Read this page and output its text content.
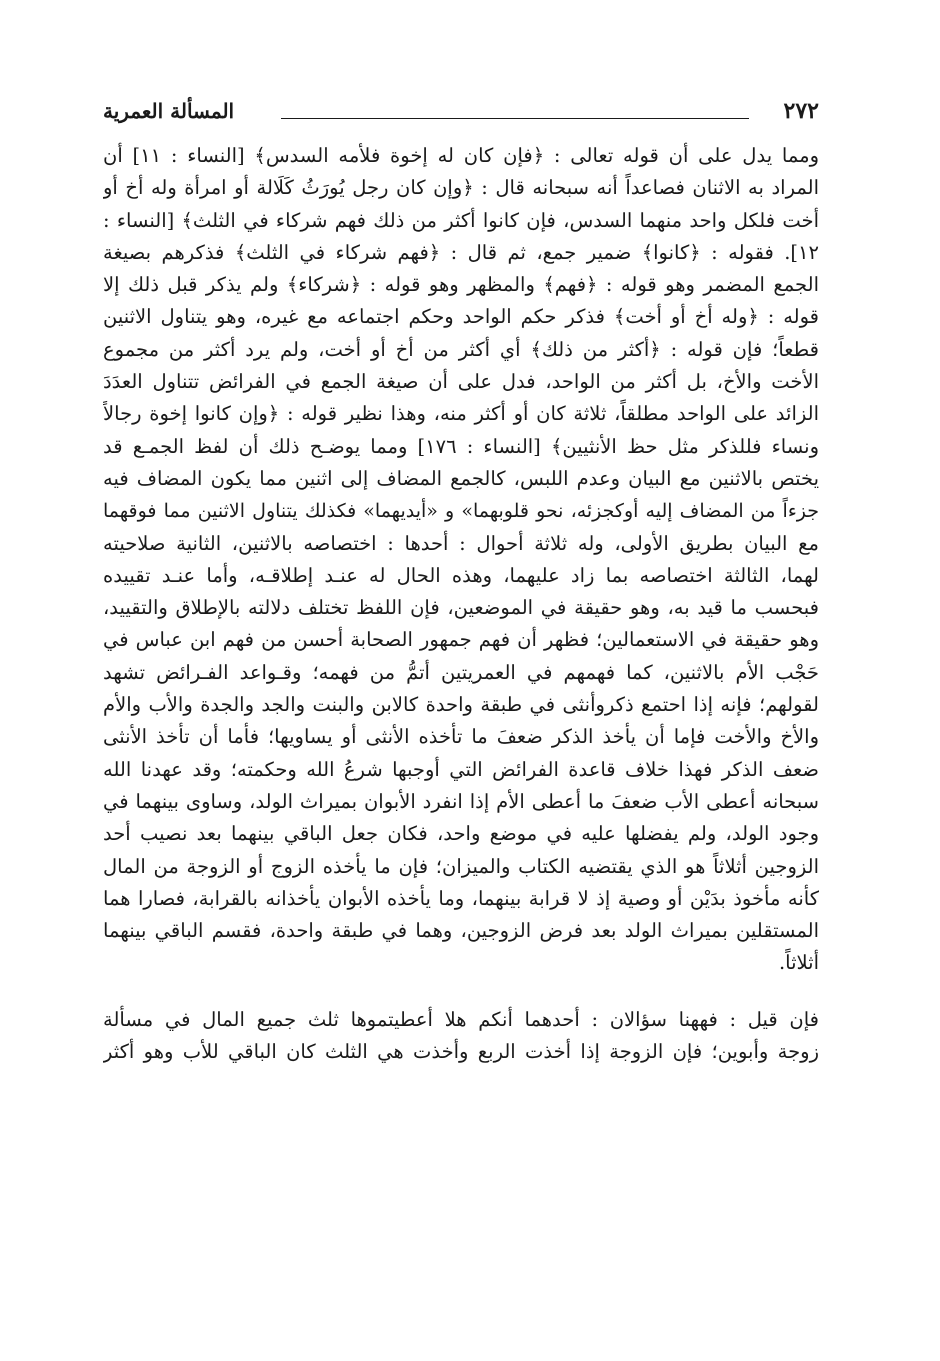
٢٧٢
المسألة العمرية
ومما يدل على أن قوله تعالى : ﴿فإن كان له إخوة فلأمه السدس﴾ [النساء : ١١] أن
المراد به الاثنان فصاعداً أنه سبحانه قال : ﴿وإن كان رجل يُورَثُ كَلَالة أو امرأة وله أخ أو
أخت فلكل واحد منهما السدس، فإن كانوا أكثر من ذلك فهم شركاء في الثلث﴾ [النساء :
١٢]. فقوله : ﴿كانوا﴾ ضمير جمع، ثم قال : ﴿فهم شركاء في الثلث﴾ فذكرهم بصيغة
الجمع المضمر وهو قوله : ﴿فهم﴾ والمظهر وهو قوله : ﴿شركاء﴾ ولم يذكر قبل ذلك إلا
قوله : ﴿وله أخ أو أخت﴾ فذكر حكم الواحد وحكم اجتماعه مع غيره، وهو يتناول الاثنين
قطعاً؛ فإن قوله : ﴿أكثر من ذلك﴾ أي أكثر من أخ أو أخت، ولم يرد أكثر من مجموع
الأخت والأخ، بل أكثر من الواحد، فدل على أن صيغة الجمع في الفرائض تتناول العدَدَ
الزائد على الواحد مطلقاً، ثلاثة كان أو أكثر منه، وهذا نظير قوله : ﴿وإن كانوا إخوة رجالاً
ونساء فللذكر مثل حظ الأنثيين﴾ [النساء : ١٧٦] ومما يوضـح ذلك أن لفظ الجمـع قد
يختص بالاثنين مع البيان وعدم اللبس، كالجمع المضاف إلى اثنين مما يكون المضاف فيه
جزءاً من المضاف إليه أوكجزئه، نحو قلوبهما» و «أيديهما» فكذلك يتناول الاثنين مما فوقهما
مع البيان بطريق الأولى، وله ثلاثة أحوال : أحدها : اختصاصه بالاثنين، الثانية صلاحيته
لهما، الثالثة اختصاصه بما زاد عليهما، وهذه الحال له عنـد إطلاقـه، وأما عنـد تقييده
فبحسب ما قيد به، وهو حقيقة في الموضعين، فإن اللفظ تختلف دلالته بالإطلاق والتقييد،
وهو حقيقة في الاستعمالين؛ فظهر أن فهم جمهور الصحابة أحسن من فهم ابن عباس في
حَجْب الأم بالاثنين، كما فهمهم في العمريتين أتمُّ من فهمه؛ وقـواعد الفـرائض تشهد
لقولهم؛ فإنه إذا احتمع ذكروأنثى في طبقة واحدة كالابن والبنت والجد والجدة والأب والأم
والأخ والأخت فإما أن يأخذ الذكر ضعفَ ما تأخذه الأنثى أو يساويها؛ فأما أن تأخذ الأنثى
ضعف الذكر فهذا خلاف قاعدة الفرائض التي أوجبها شرعُ الله وحكمته؛ وقد عهدنا الله
سبحانه أعطى الأب ضعفَ ما أعطى الأم إذا انفرد الأبوان بميراث الولد، وساوى بينهما في
وجود الولد، ولم يفضلها عليه في موضع واحد، فكان جعل الباقي بينهما بعد نصيب أحد
الزوجين أثلاثاً هو الذي يقتضيه الكتاب والميزان؛ فإن ما يأخذه الزوج أو الزوجة من المال
كأنه مأخوذ بدَيْن أو وصية إذ لا قرابة بينهما، وما يأخذه الأبوان يأخذانه بالقرابة، فصارا هما
المستقلين بميراث الولد بعد فرض الزوجين، وهما في طبقة واحدة، فقسم الباقي بينهما
أثلاثاً.
فإن قيل : فههنا سؤالان : أحدهما أنكم هلا أعطيتموها ثلث جميع المال في مسألة
زوجة وأبوين؛ فإن الزوجة إذا أخذت الربع وأخذت هي الثلث كان الباقي للأب وهو أكثر
